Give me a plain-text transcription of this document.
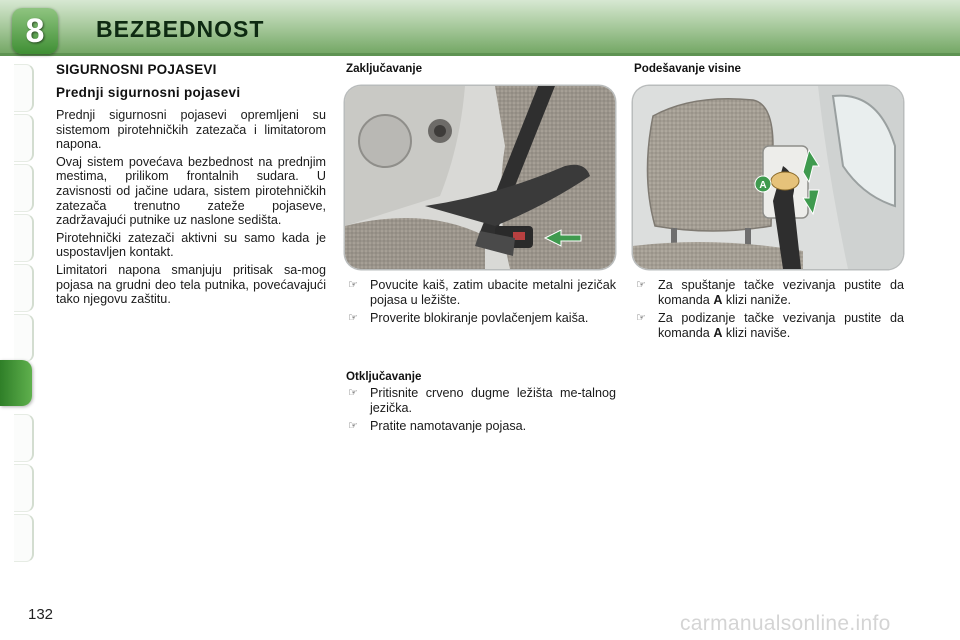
8	BEZBEDNOST
SIGURNOSNI POJASEVI
Prednji sigurnosni pojasevi

Prednji sigurnosni pojasevi opremljeni su sistemom pirotehničkih zatezača i limitatorom napona.

Ovaj sistem povećava bezbednost na prednjim mestima, prilikom frontalnih sudara. U zavisnosti od jačine udara, sistem pirotehničkih zatezača trenutno zateže pojaseve, zadržavajući putnike uz naslone sedišta.

Pirotehnički zatezači aktivni su samo kada je uspostavljen kontakt.

Limitatori napona smanjuju pritisak sa-mog pojasa na grudni deo tela putnika, povećavajući tako njegovu zaštitu.

Zaključavanje
☞ Povucite kaiš, zatim ubacite metalni jezičak pojasa u ležište.
☞ Proverite blokiranje povlačenjem kaiša.
Otključavanje
☞ Pritisnite crveno dugme ležišta me-talnog jezička.
☞ Pratite namotavanje pojasa.
Podešavanje visine
A
☞ Za spuštanje tačke vezivanja pustite da komanda A klizi naniže.
☞ Za podizanje tačke vezivanja pustite da komanda A klizi naviše.
132	carmanualsonline.info
